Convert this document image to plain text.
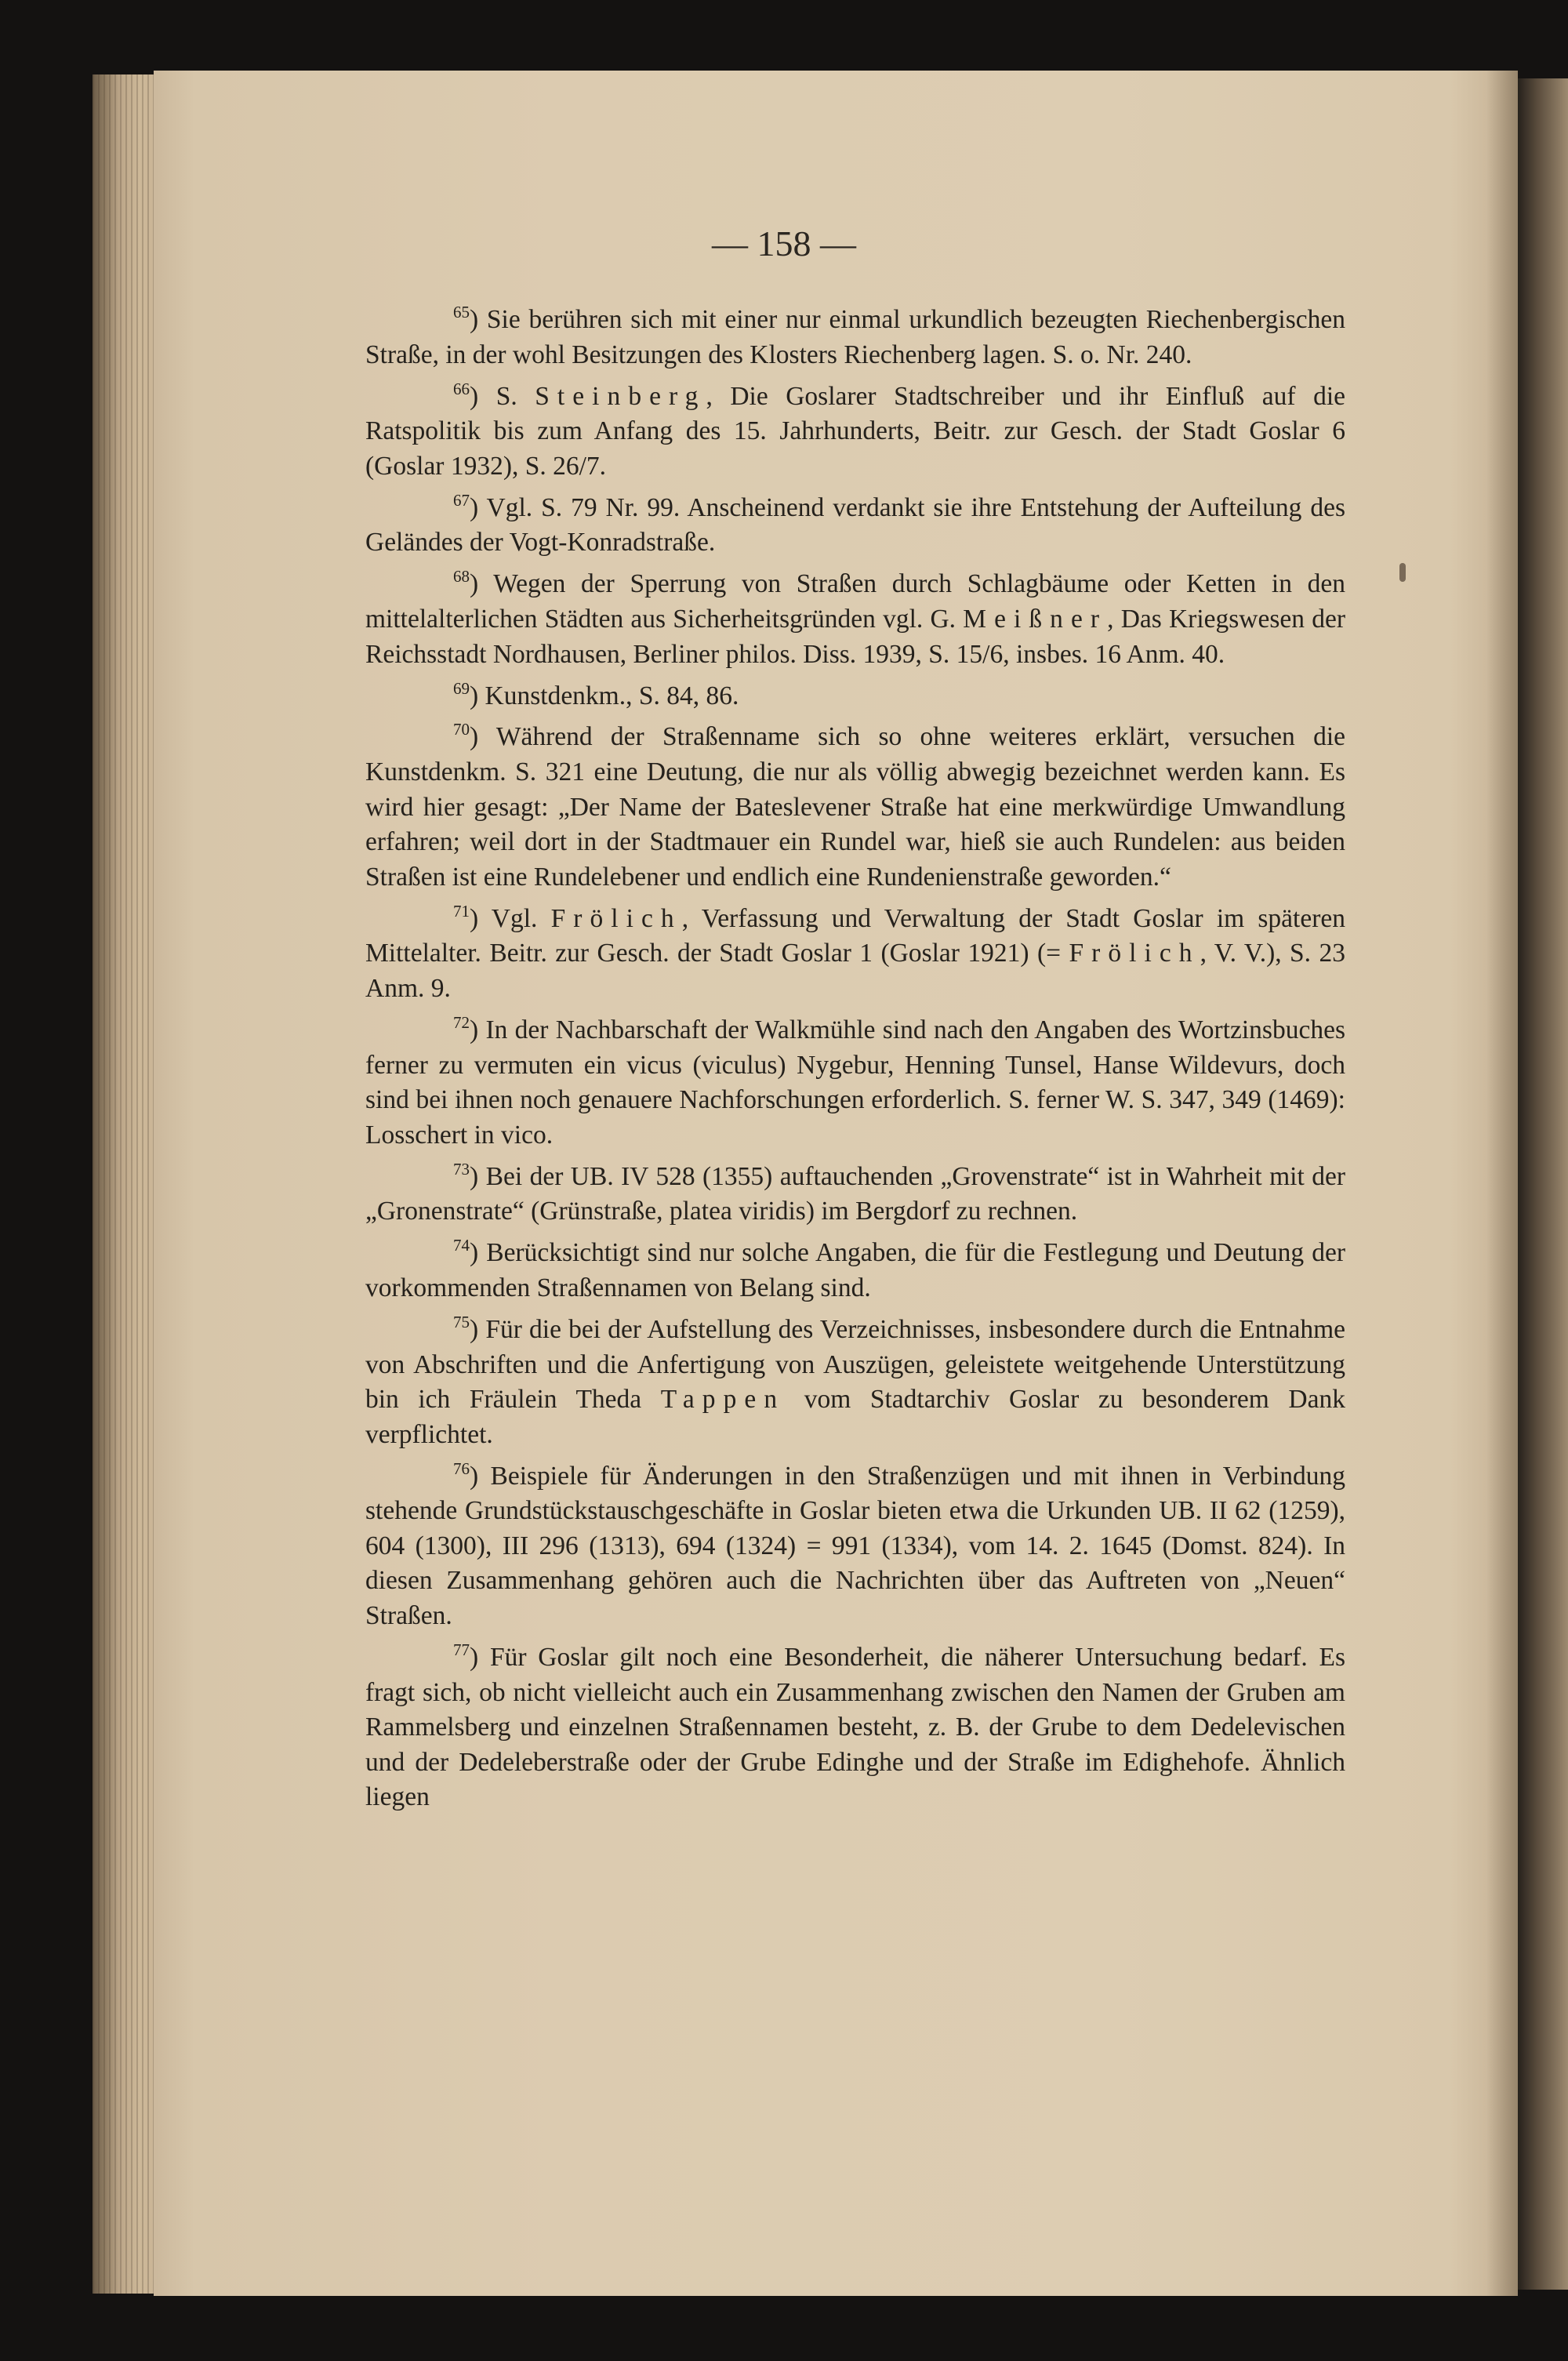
— 158 —

$^{65}$) Sie berühren sich mit einer nur einmal urkundlich bezeugten Riechenbergischen Straße, in der wohl Besitzungen des Klosters Riechenberg lagen. S. o. Nr. 240.

$^{66}$) S. Steinberg, Die Goslarer Stadtschreiber und ihr Einfluß auf die Ratspolitik bis zum Anfang des 15. Jahrhunderts, Beitr. zur Gesch. der Stadt Goslar 6 (Goslar 1932), S. 26/7.

$^{67}$) Vgl. S. 79 Nr. 99. Anscheinend verdankt sie ihre Entstehung der Aufteilung des Geländes der Vogt-Konradstraße.

$^{68}$) Wegen der Sperrung von Straßen durch Schlagbäume oder Ketten in den mittelalterlichen Städten aus Sicherheitsgründen vgl. G. Meißner, Das Kriegswesen der Reichsstadt Nordhausen, Berliner philos. Diss. 1939, S. 15/6, insbes. 16 Anm. 40.

$^{69}$) Kunstdenkm., S. 84, 86.

$^{70}$) Während der Straßenname sich so ohne weiteres erklärt, versuchen die Kunstdenkm. S. 321 eine Deutung, die nur als völlig abwegig bezeichnet werden kann. Es wird hier gesagt: „Der Name der Bateslevener Straße hat eine merkwürdige Umwandlung erfahren; weil dort in der Stadtmauer ein Rundel war, hieß sie auch Rundelen: aus beiden Straßen ist eine Rundelebener und endlich eine Rundenienstraße geworden.“

$^{71}$) Vgl. Frölich, Verfassung und Verwaltung der Stadt Goslar im späteren Mittelalter. Beitr. zur Gesch. der Stadt Goslar 1 (Goslar 1921) (= Frölich, V. V.), S. 23 Anm. 9.

$^{72}$) In der Nachbarschaft der Walkmühle sind nach den Angaben des Wortzinsbuches ferner zu vermuten ein vicus (viculus) Nygebur, Henning Tunsel, Hanse Wildevurs, doch sind bei ihnen noch genauere Nachforschungen erforderlich. S. ferner W. S. 347, 349 (1469): Losschert in vico.

$^{73}$) Bei der UB. IV 528 (1355) auftauchenden „Grovenstrate“ ist in Wahrheit mit der „Gronenstrate“ (Grünstraße, platea viridis) im Bergdorf zu rechnen.

$^{74}$) Berücksichtigt sind nur solche Angaben, die für die Festlegung und Deutung der vorkommenden Straßennamen von Belang sind.

$^{75}$) Für die bei der Aufstellung des Verzeichnisses, insbesondere durch die Entnahme von Abschriften und die Anfertigung von Auszügen, geleistete weitgehende Unterstützung bin ich Fräulein Theda Tappen vom Stadtarchiv Goslar zu besonderem Dank verpflichtet.

$^{76}$) Beispiele für Änderungen in den Straßenzügen und mit ihnen in Verbindung stehende Grundstückstauschgeschäfte in Goslar bieten etwa die Urkunden UB. II 62 (1259), 604 (1300), III 296 (1313), 694 (1324) = 991 (1334), vom 14. 2. 1645 (Domst. 824). In diesen Zusammenhang gehören auch die Nachrichten über das Auftreten von „Neuen“ Straßen.

$^{77}$) Für Goslar gilt noch eine Besonderheit, die näherer Untersuchung bedarf. Es fragt sich, ob nicht vielleicht auch ein Zusammenhang zwischen den Namen der Gruben am Rammelsberg und einzelnen Straßennamen besteht, z. B. der Grube to dem Dedelevischen und der Dedeleberstraße oder der Grube Edinghe und der Straße im Edighehofe. Ähnlich liegen
